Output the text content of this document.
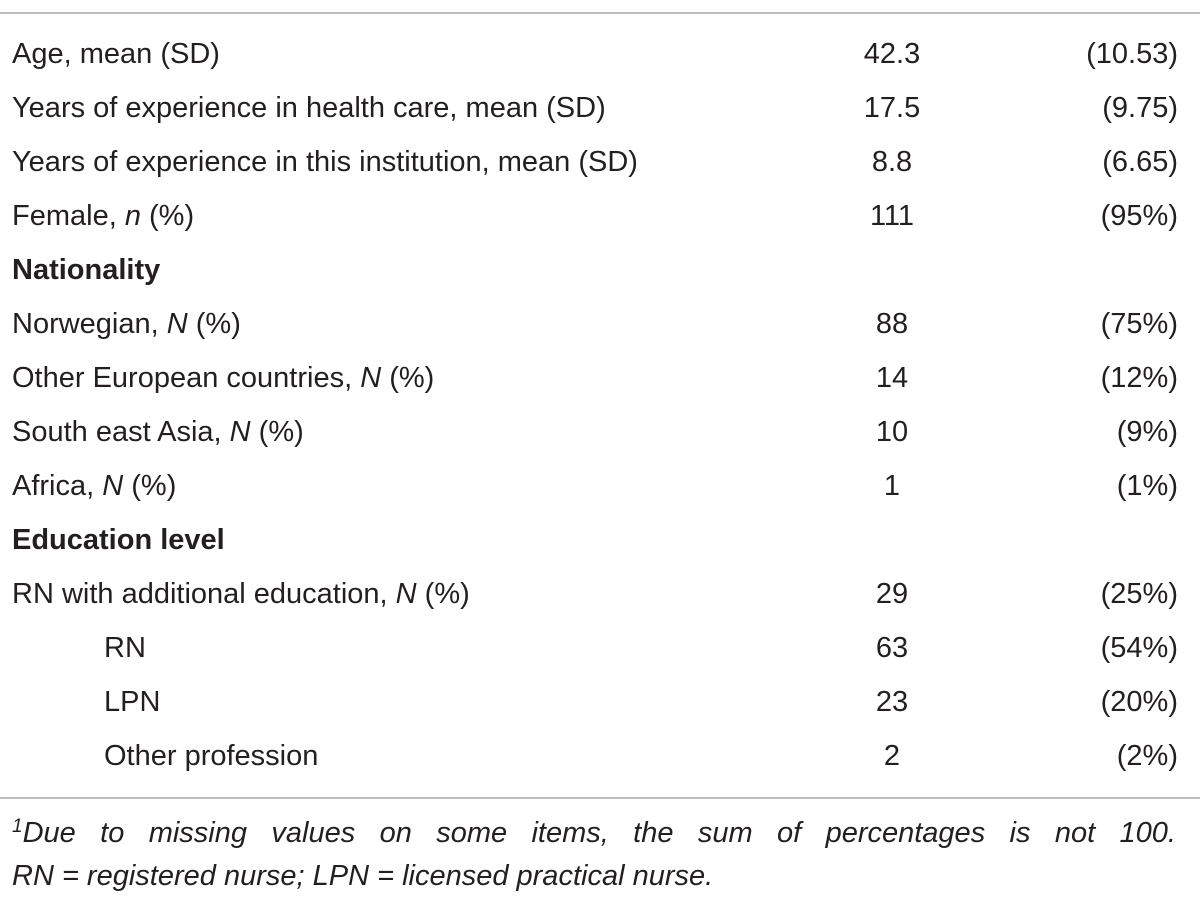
Age, mean (SD)	42.3	(10.53)
Years of experience in health care, mean (SD)	17.5	(9.75)
Years of experience in this institution, mean (SD)	8.8	(6.65)
Female, n (%)	111	(95%)
Nationality
Norwegian, N (%)	88	(75%)
Other European countries, N (%)	14	(12%)
South east Asia, N (%)	10	(9%)
Africa, N (%)	1	(1%)
Education level
RN with additional education, N (%)	29	(25%)
RN	63	(54%)
LPN	23	(20%)
Other profession	2	(2%)
$^1$Due to missing values on some items, the sum of percentages is not 100.
RN = registered nurse; LPN = licensed practical nurse.
